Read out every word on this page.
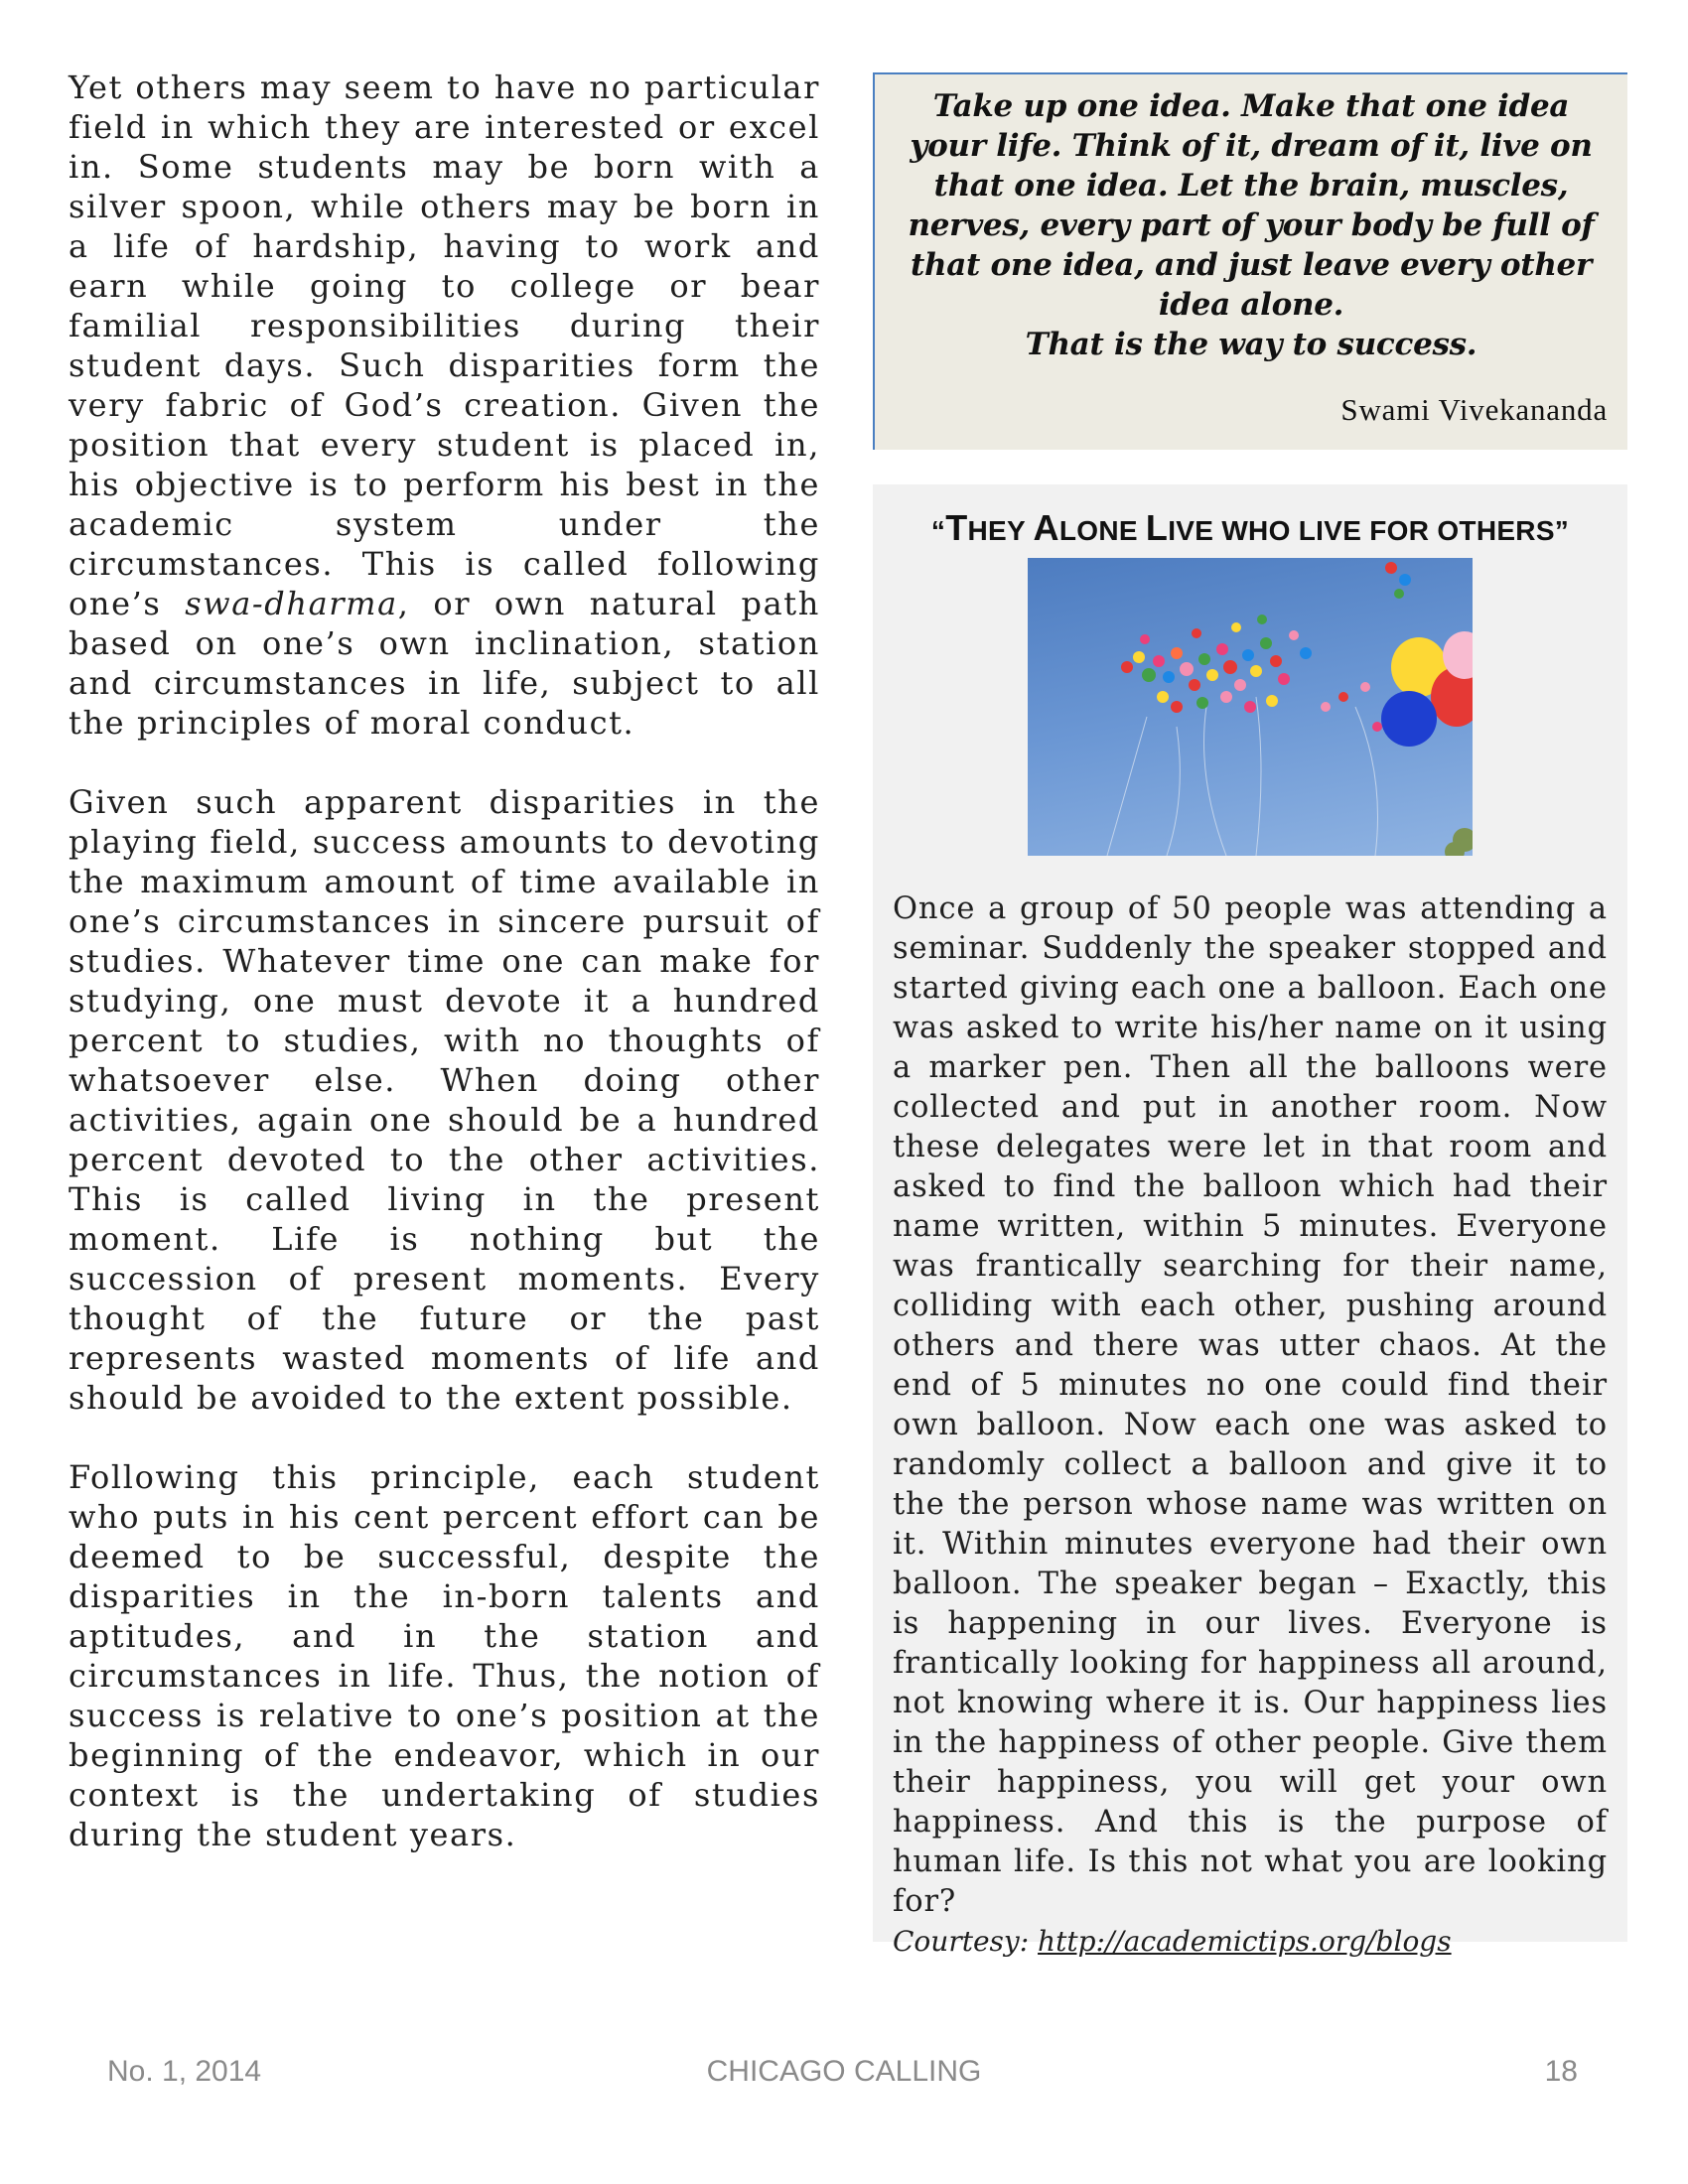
Yet others may seem to have no particular field in which they are interested or excel in. Some students may be born with a silver spoon, while others may be born in a life of hardship, having to work and earn while going to college or bear familial responsibilities during their student days. Such disparities form the very fabric of God’s creation. Given the position that every student is placed in, his objective is to perform his best in the academic system under the circumstances. This is called following one’s swa-dharma, or own natural path based on one’s own inclination, station and circumstances in life, subject to all the principles of moral conduct.

Given such apparent disparities in the playing field, success amounts to devoting the maximum amount of time available in one’s circumstances in sincere pursuit of studies. Whatever time one can make for studying, one must devote it a hundred percent to studies, with no thoughts of whatsoever else. When doing other activities, again one should be a hundred percent devoted to the other activities. This is called living in the present moment. Life is nothing but the succession of present moments. Every thought of the future or the past represents wasted moments of life and should be avoided to the extent possible.

Following this principle, each student who puts in his cent percent effort can be deemed to be successful, despite the disparities in the in-born talents and aptitudes, and in the station and circumstances in life. Thus, the notion of success is relative to one’s position at the beginning of the endeavor, which in our context is the undertaking of studies during the student years.

Take up one idea. Make that one idea
your life. Think of it, dream of it, live on
that one idea. Let the brain, muscles,
nerves, every part of your body be full of
that one idea, and just leave every other
idea alone.
That is the way to success.

Swami Vivekananda
“THEY ALONE LIVE WHO LIVE FOR OTHERS”
Once a group of 50 people was attending a seminar. Suddenly the speaker stopped and started giving each one a balloon. Each one was asked to write his/her name on it using a marker pen. Then all the balloons were collected and put in another room. Now these delegates were let in that room and asked to find the balloon which had their name written, within 5 minutes. Everyone was frantically searching for their name, colliding with each other, pushing around others and there was utter chaos. At the end of 5 minutes no one could find their own balloon. Now each one was asked to randomly collect a balloon and give it to the the person whose name was written on it. Within minutes everyone had their own balloon. The speaker began – Exactly, this is happening in our lives. Everyone is frantically looking for happiness all around, not knowing where it is. Our happiness lies in the happiness of other people. Give them their happiness, you will get your own happiness. And this is the purpose of human life. Is this not what you are looking for?
Courtesy: http://academictips.org/blogs
CHICAGO CALLING
No. 1, 2014	18
